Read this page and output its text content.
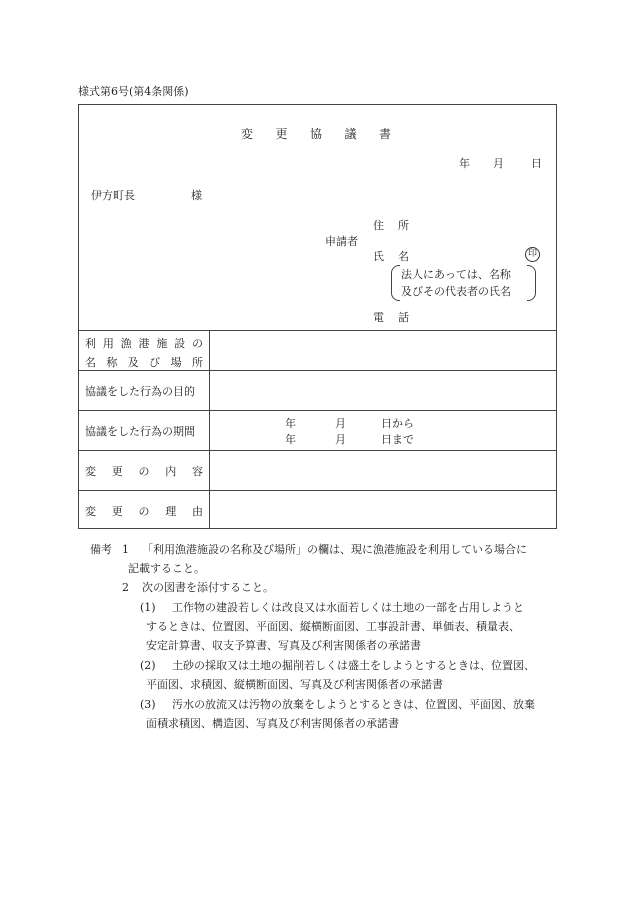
様式第6号(第4条関係)
変 更 協 議 書
年 月 日
伊方町長	様
申請者
住 所
氏 名	印
法人にあっては、名称
及びその代表者の氏名
電 話
利 用 漁 港 施 設 の
名 称 及 び 場 所
協議をした行為の目的
協議をした行為の期間
年	月	日から
年	月	日まで
変 更 の 内 容
変 更 の 理 由
備考 1 「利用漁港施設の名称及び場所」の欄は、現に漁港施設を利用している場合に
記載すること。
2 次の図書を添付すること。
(1) 工作物の建設若しくは改良又は水面若しくは土地の一部を占用しようと
するときは、位置図、平面図、縦横断面図、工事設計書、単価表、積量表、
安定計算書、収支予算書、写真及び利害関係者の承諾書
(2) 土砂の採取又は土地の掘削若しくは盛土をしようとするときは、位置図、
平面図、求積図、縦横断面図、写真及び利害関係者の承諾書
(3) 汚水の放流又は汚物の放棄をしようとするときは、位置図、平面図、放棄
面積求積図、構造図、写真及び利害関係者の承諾書
